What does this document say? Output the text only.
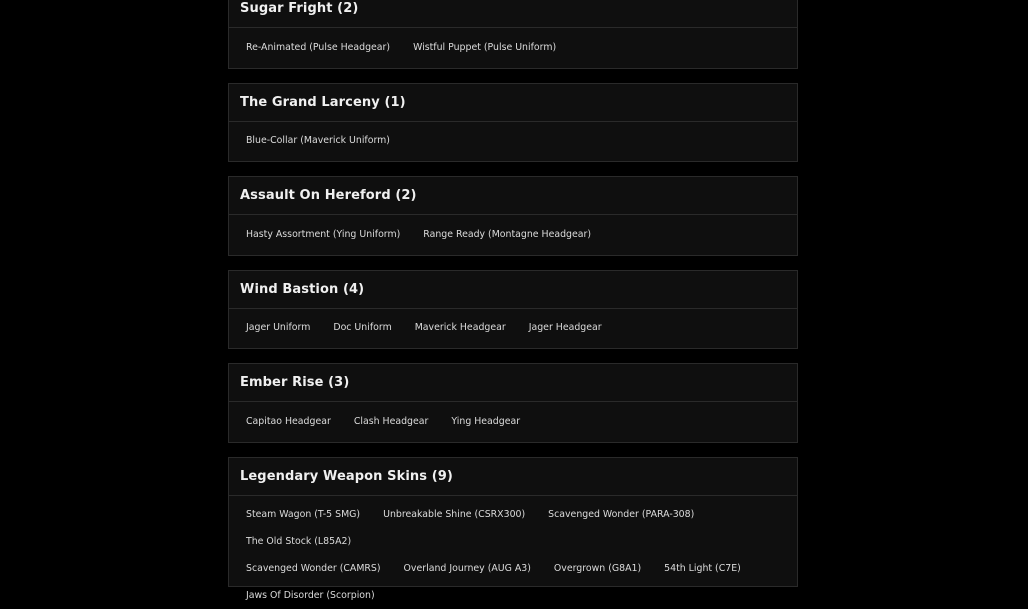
Sugar Fright (2)
Re-Animated (Pulse Headgear) Wistful Puppet (Pulse Uniform)
The Grand Larceny (1)
Blue-Collar (Maverick Uniform)
Assault On Hereford (2)
Hasty Assortment (Ying Uniform) Range Ready (Montagne Headgear)
Wind Bastion (4)
Jager Uniform Doc Uniform Maverick Headgear Jager Headgear
Ember Rise (3)
Capitao Headgear Clash Headgear Ying Headgear
Legendary Weapon Skins (9)
Steam Wagon (T-5 SMG) Unbreakable Shine (CSRX300) Scavenged Wonder (PARA-308)
The Old Stock (L85A2)
Scavenged Wonder (CAMRS) Overland Journey (AUG A3) Overgrown (G8A1) 54th Light (C7E)
Jaws Of Disorder (Scorpion)
